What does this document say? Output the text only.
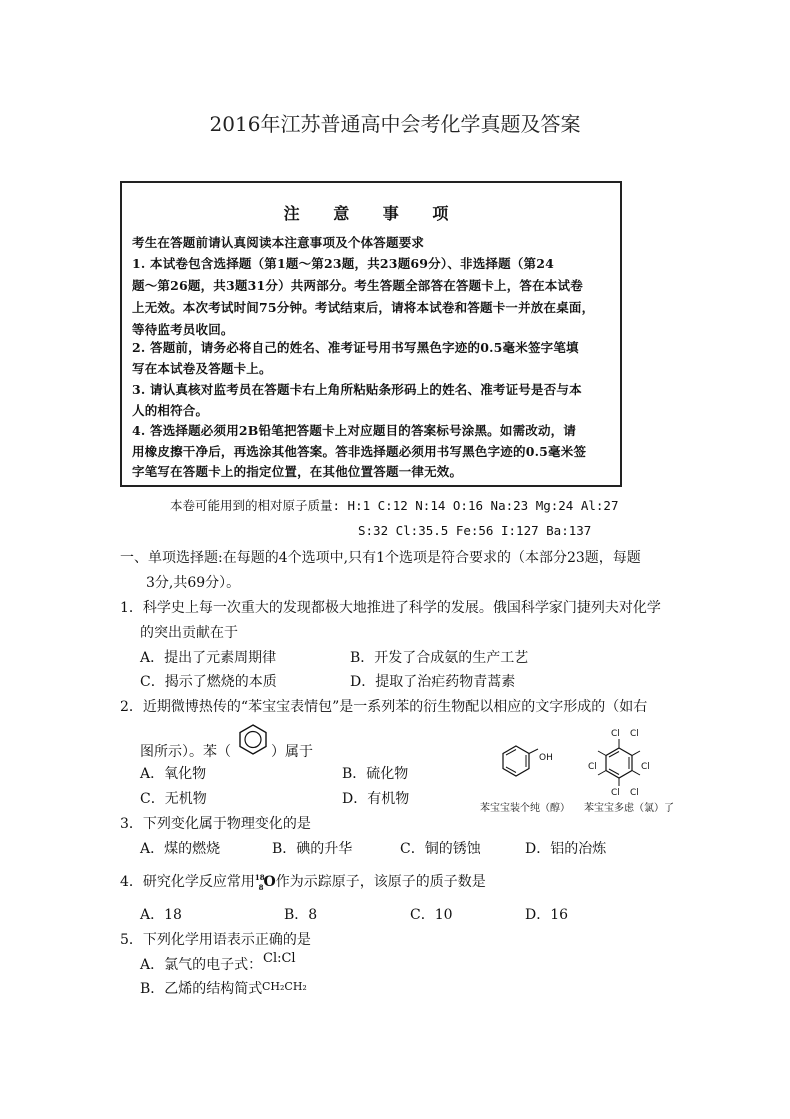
2016年江苏普通高中会考化学真题及答案
注 意 事 项
考生在答题前请认真阅读本注意事项及个体答题要求
1. 本试卷包含选择题（第1题～第23题，共23题69分）、非选择题（第24
题～第26题，共3题31分）共两部分。考生答题全部答在答题卡上，答在本试卷
上无效。本次考试时间75分钟。考试结束后，请将本试卷和答题卡一并放在桌面，
等待监考员收回。
2. 答题前，请务必将自己的姓名、准考证号用书写黑色字迹的0.5毫米签字笔填
写在本试卷及答题卡上。
3. 请认真核对监考员在答题卡右上角所粘贴条形码上的姓名、准考证号是否与本
人的相符合。
4. 答选择题必须用2B铅笔把答题卡上对应题目的答案标号涂黑。如需改动，请
用橡皮擦干净后，再选涂其他答案。答非选择题必须用书写黑色字迹的0.5毫米签
字笔写在答题卡上的指定位置，在其他位置答题一律无效。
本卷可能用到的相对原子质量: H:1 C:12 N:14 O:16 Na:23 Mg:24 Al:27
S:32 Cl:35.5 Fe:56 I:127 Ba:137
一、单项选择题:在每题的4个选项中,只有1个选项是符合要求的（本部分23题，每题
3分,共69分）。
1．科学史上每一次重大的发现都极大地推进了科学的发展。俄国科学家门捷列夫对化学
的突出贡献在于
A．提出了元素周期律	B．开发了合成氨的生产工艺
C．揭示了燃烧的本质	D．提取了治疟药物青蒿素
2．近期微博热传的“苯宝宝表情包”是一系列苯的衍生物配以相应的文字形成的（如右
图所示）。苯（	）属于
A．氧化物	B．硫化物
C．无机物	D．有机物
OH
Cl Cl
Cl
Cl
Cl
Cl
苯宝宝装个纯（醇） 苯宝宝多虑（氯）了
3．下列变化属于物理变化的是
A．煤的燃烧	B．碘的升华	C．铜的锈蚀	D．铝的冶炼
4．研究化学反应常用$^{18}_8$O作为示踪原子，该原子的质子数是
A．18	B．8	C．10	D．16
5．下列化学用语表示正确的是
A．氯气的电子式： Cl:Cl
B．乙烯的结构简式 CH₂CH₂
